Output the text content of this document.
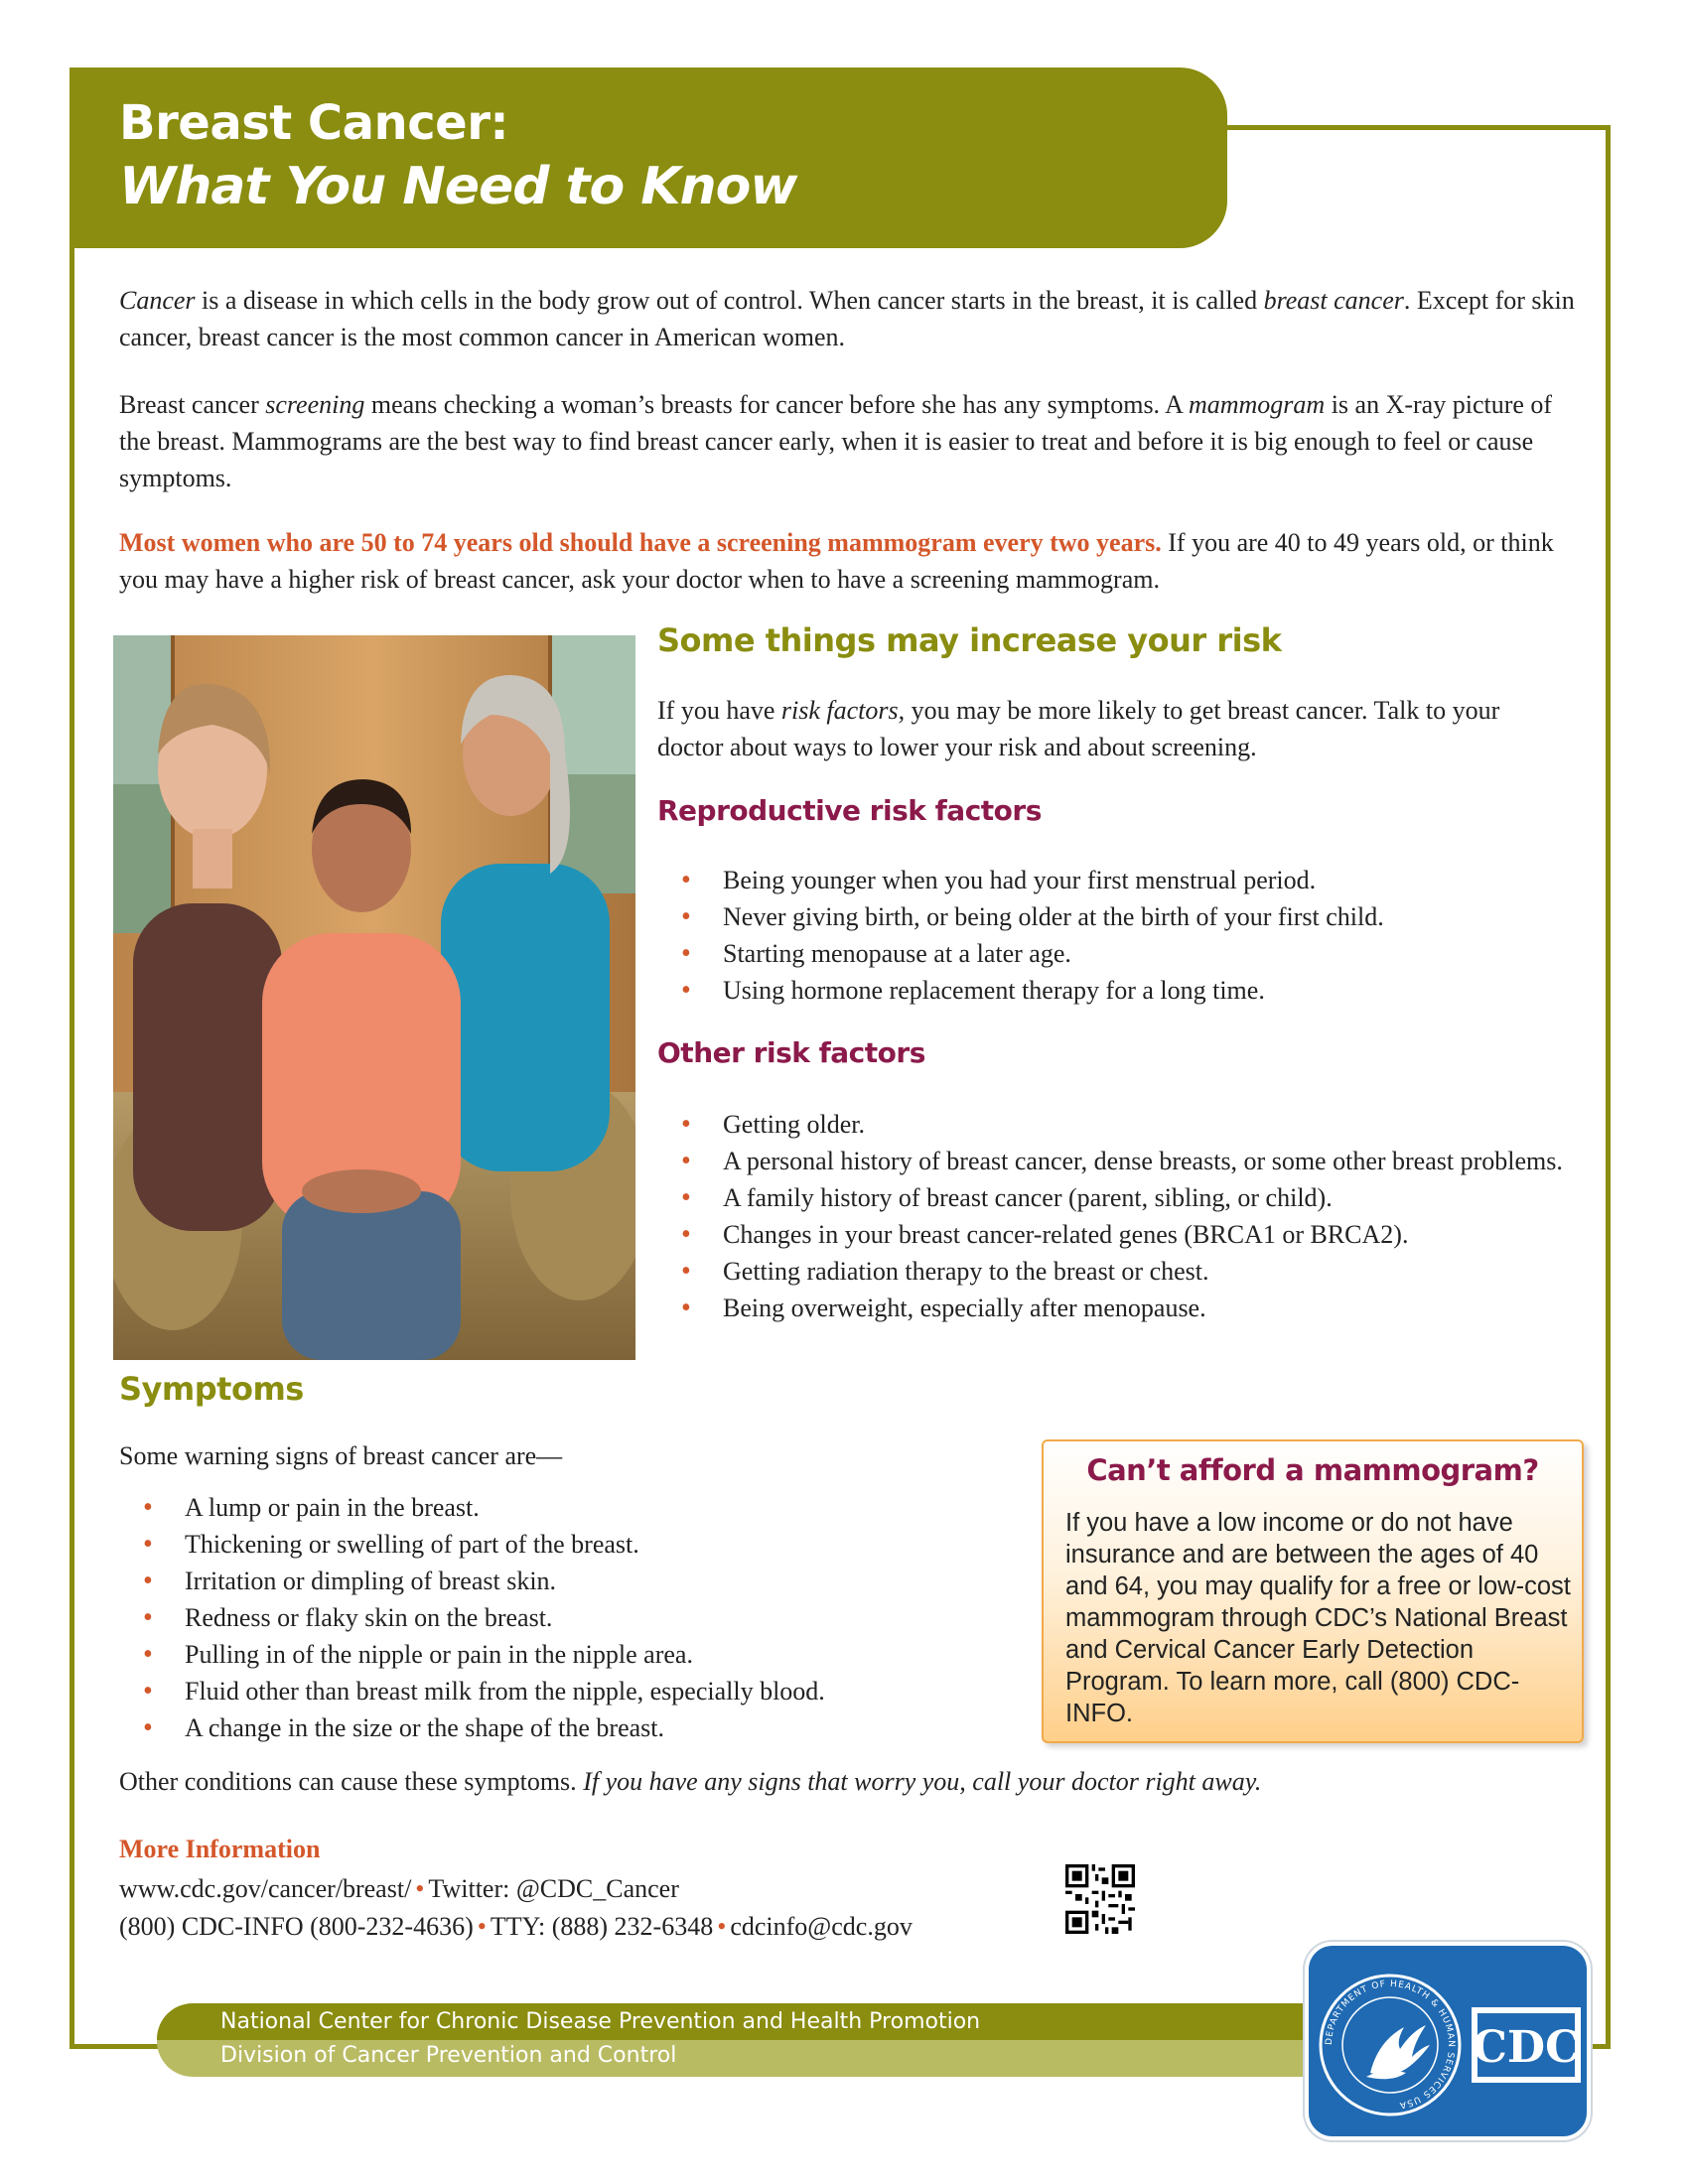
Breast Cancer:
What You Need to Know

Cancer is a disease in which cells in the body grow out of control. When cancer starts in the breast, it is called breast cancer. Except for skin cancer, breast cancer is the most common cancer in American women.

Breast cancer screening means checking a woman’s breasts for cancer before she has any symptoms. A mammogram is an X-ray picture of the breast. Mammograms are the best way to find breast cancer early, when it is easier to treat and before it is big enough to feel or cause symptoms.

Most women who are 50 to 74 years old should have a screening mammogram every two years. If you are 40 to 49 years old, or think you may have a higher risk of breast cancer, ask your doctor when to have a screening mammogram.

Some things may increase your risk

If you have risk factors, you may be more likely to get breast cancer. Talk to your doctor about ways to lower your risk and about screening.

Reproductive risk factors
• Being younger when you had your first menstrual period.
• Never giving birth, or being older at the birth of your first child.
• Starting menopause at a later age.
• Using hormone replacement therapy for a long time.
Other risk factors
• Getting older.
• A personal history of breast cancer, dense breasts, or some other breast problems.
• A family history of breast cancer (parent, sibling, or child).
• Changes in your breast cancer-related genes (BRCA1 or BRCA2).
• Getting radiation therapy to the breast or chest.
• Being overweight, especially after menopause.
Symptoms

Some warning signs of breast cancer are—

• A lump or pain in the breast.
• Thickening or swelling of part of the breast.
• Irritation or dimpling of breast skin.
• Redness or flaky skin on the breast.
• Pulling in of the nipple or pain in the nipple area.
• Fluid other than breast milk from the nipple, especially blood.
• A change in the size or the shape of the breast.

Other conditions can cause these symptoms. If you have any signs that worry you, call your doctor right away.

Can’t afford a mammogram?
If you have a low income or do not have insurance and are between the ages of 40 and 64, you may qualify for a free or low-cost mammogram through CDC’s National Breast and Cervical Cancer Early Detection Program. To learn more, call (800) CDC-INFO.
More Information
www.cdc.gov/cancer/breast/ • Twitter: @CDC_Cancer
(800) CDC-INFO (800-232-4636) • TTY: (888) 232-6348 • cdcinfo@cdc.gov
National Center for Chronic Disease Prevention and Health Promotion
Division of Cancer Prevention and Control
DEPARTMENT OF HEALTH & HUMAN SERVICES USA
CDC
